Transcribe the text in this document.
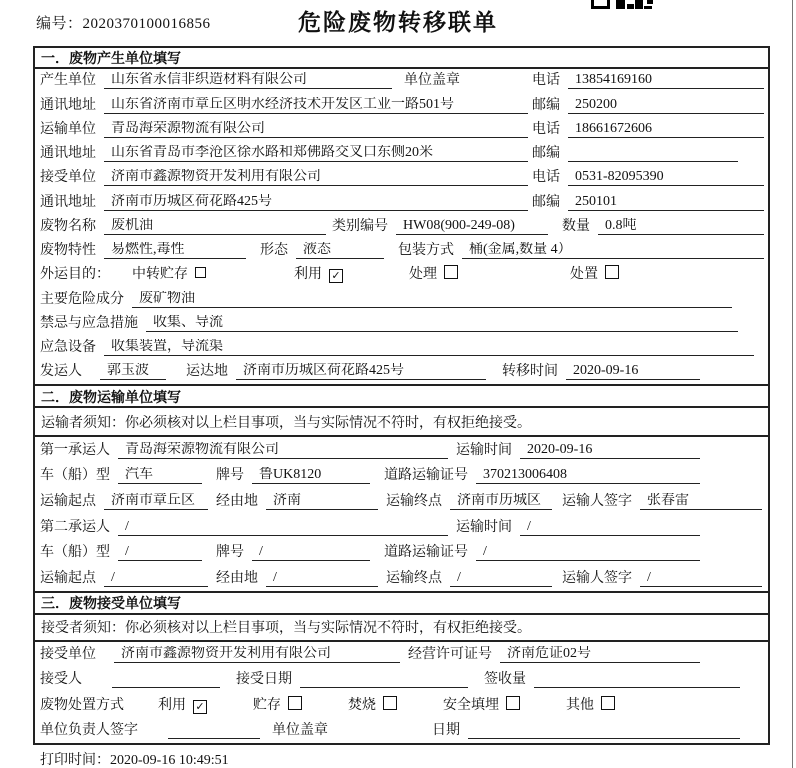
编号：2020370100016856	危险废物转移联单
一．废物产生单位填写
产生单位	山东省永信非织造材料有限公司	单位盖章	电话	13854169160
通讯地址	山东省济南市章丘区明水经济技术开发区工业一路501号	邮编	250200
运输单位	青岛海荣源物流有限公司	电话	18661672606
通讯地址	山东省青岛市李沧区徐水路和郑佛路交叉口东侧20米	邮编
接受单位	济南市鑫源物资开发利用有限公司	电话	0531-82095390
通讯地址	济南市历城区荷花路425号	邮编	250101
废物名称	废机油	类别编号	HW08(900-249-08)	数量	0.8吨
废物特性	易燃性,毒性	形态	液态	包装方式	桶(金属,数量 4）
外运目的： 中转贮存	利用 ✓	处理	处置
主要危险成分	废矿物油
禁忌与应急措施	收集、导流
应急设备	收集装置，导流渠
发运人	郭玉波	运达地	济南市历城区荷花路425号	转移时间	2020-09-16
二．废物运输单位填写
运输者须知：你必须核对以上栏目事项，当与实际情况不符时，有权拒绝接受。
第一承运人	青岛海荣源物流有限公司	运输时间	2020-09-16
车（船）型	汽车	牌号	鲁UK8120	道路运输证号	370213006408
运输起点	济南市章丘区	经由地	济南	运输终点	济南市历城区	运输人签字	张春雷
第二承运人	/	运输时间	/
车（船）型	/	牌号	/	道路运输证号	/
运输起点	/	经由地	/	运输终点	/	运输人签字	/
三．废物接受单位填写
接受者须知：你必须核对以上栏目事项，当与实际情况不符时，有权拒绝接受。
接受单位	济南市鑫源物资开发利用有限公司	经营许可证号	济南危证02号
接受人	接受日期	签收量
废物处置方式 利用 ✓	贮存	焚烧	安全填埋	其他
单位负责人签字	单位盖章	日期
打印时间：2020-09-16 10:49:51
